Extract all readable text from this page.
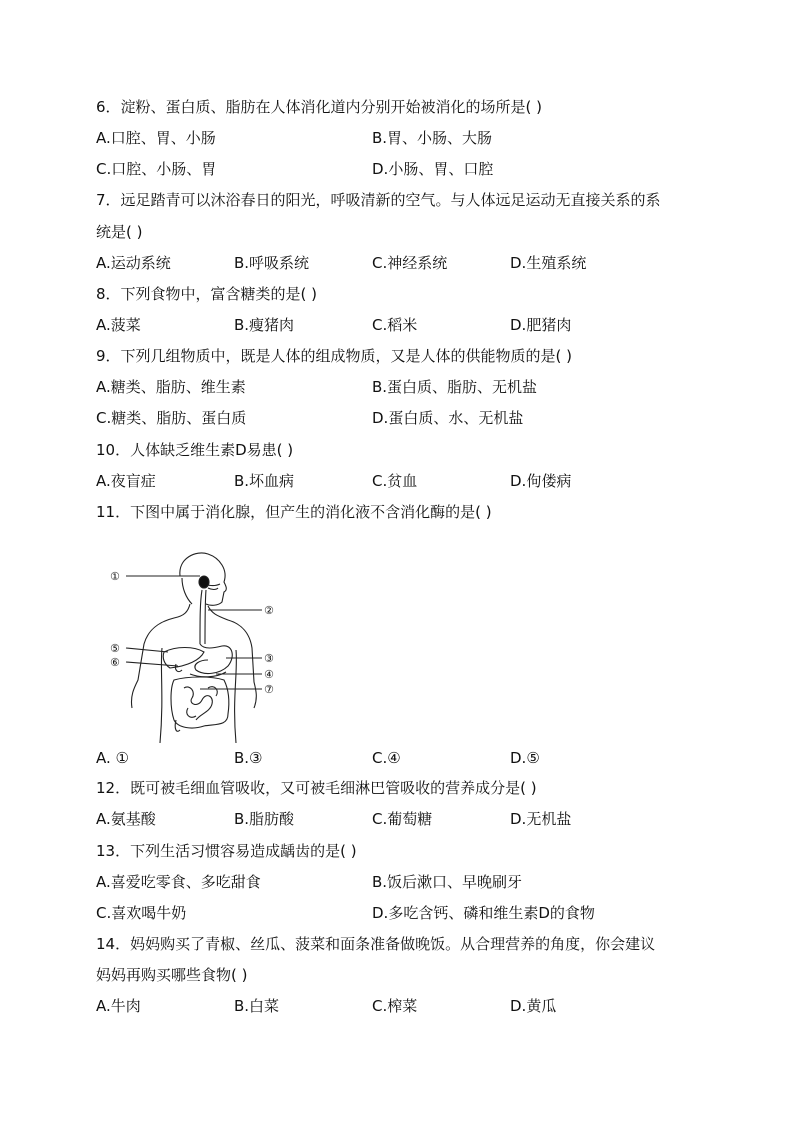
6．淀粉、蛋白质、脂肪在人体消化道内分别开始被消化的场所是( )
A.口腔、胃、小肠	B.胃、小肠、大肠
C.口腔、小肠、胃	D.小肠、胃、口腔
7．远足踏青可以沐浴春日的阳光，呼吸清新的空气。与人体远足运动无直接关系的系
统是( )
A.运动系统	B.呼吸系统	C.神经系统	D.生殖系统
8．下列食物中，富含糖类的是( )
A.菠菜	B.瘦猪肉	C.稻米	D.肥猪肉
9．下列几组物质中，既是人体的组成物质，又是人体的供能物质的是( )
A.糖类、脂肪、维生素	B.蛋白质、脂肪、无机盐
C.糖类、脂肪、蛋白质	D.蛋白质、水、无机盐
10．人体缺乏维生素D易患( )
A.夜盲症	B.坏血病	C.贫血	D.佝偻病
11．下图中属于消化腺，但产生的消化液不含消化酶的是( )
①
②
③
④
⑤
⑥
⑦
A. ①	B.③	C.④	D.⑤
12．既可被毛细血管吸收，又可被毛细淋巴管吸收的营养成分是( )
A.氨基酸	B.脂肪酸	C.葡萄糖	D.无机盐
13．下列生活习惯容易造成龋齿的是( )
A.喜爱吃零食、多吃甜食	B.饭后漱口、早晚刷牙
C.喜欢喝牛奶	D.多吃含钙、磷和维生素D的食物
14．妈妈购买了青椒、丝瓜、菠菜和面条准备做晚饭。从合理营养的角度，你会建议
妈妈再购买哪些食物( )
A.牛肉	B.白菜	C.榨菜	D.黄瓜
